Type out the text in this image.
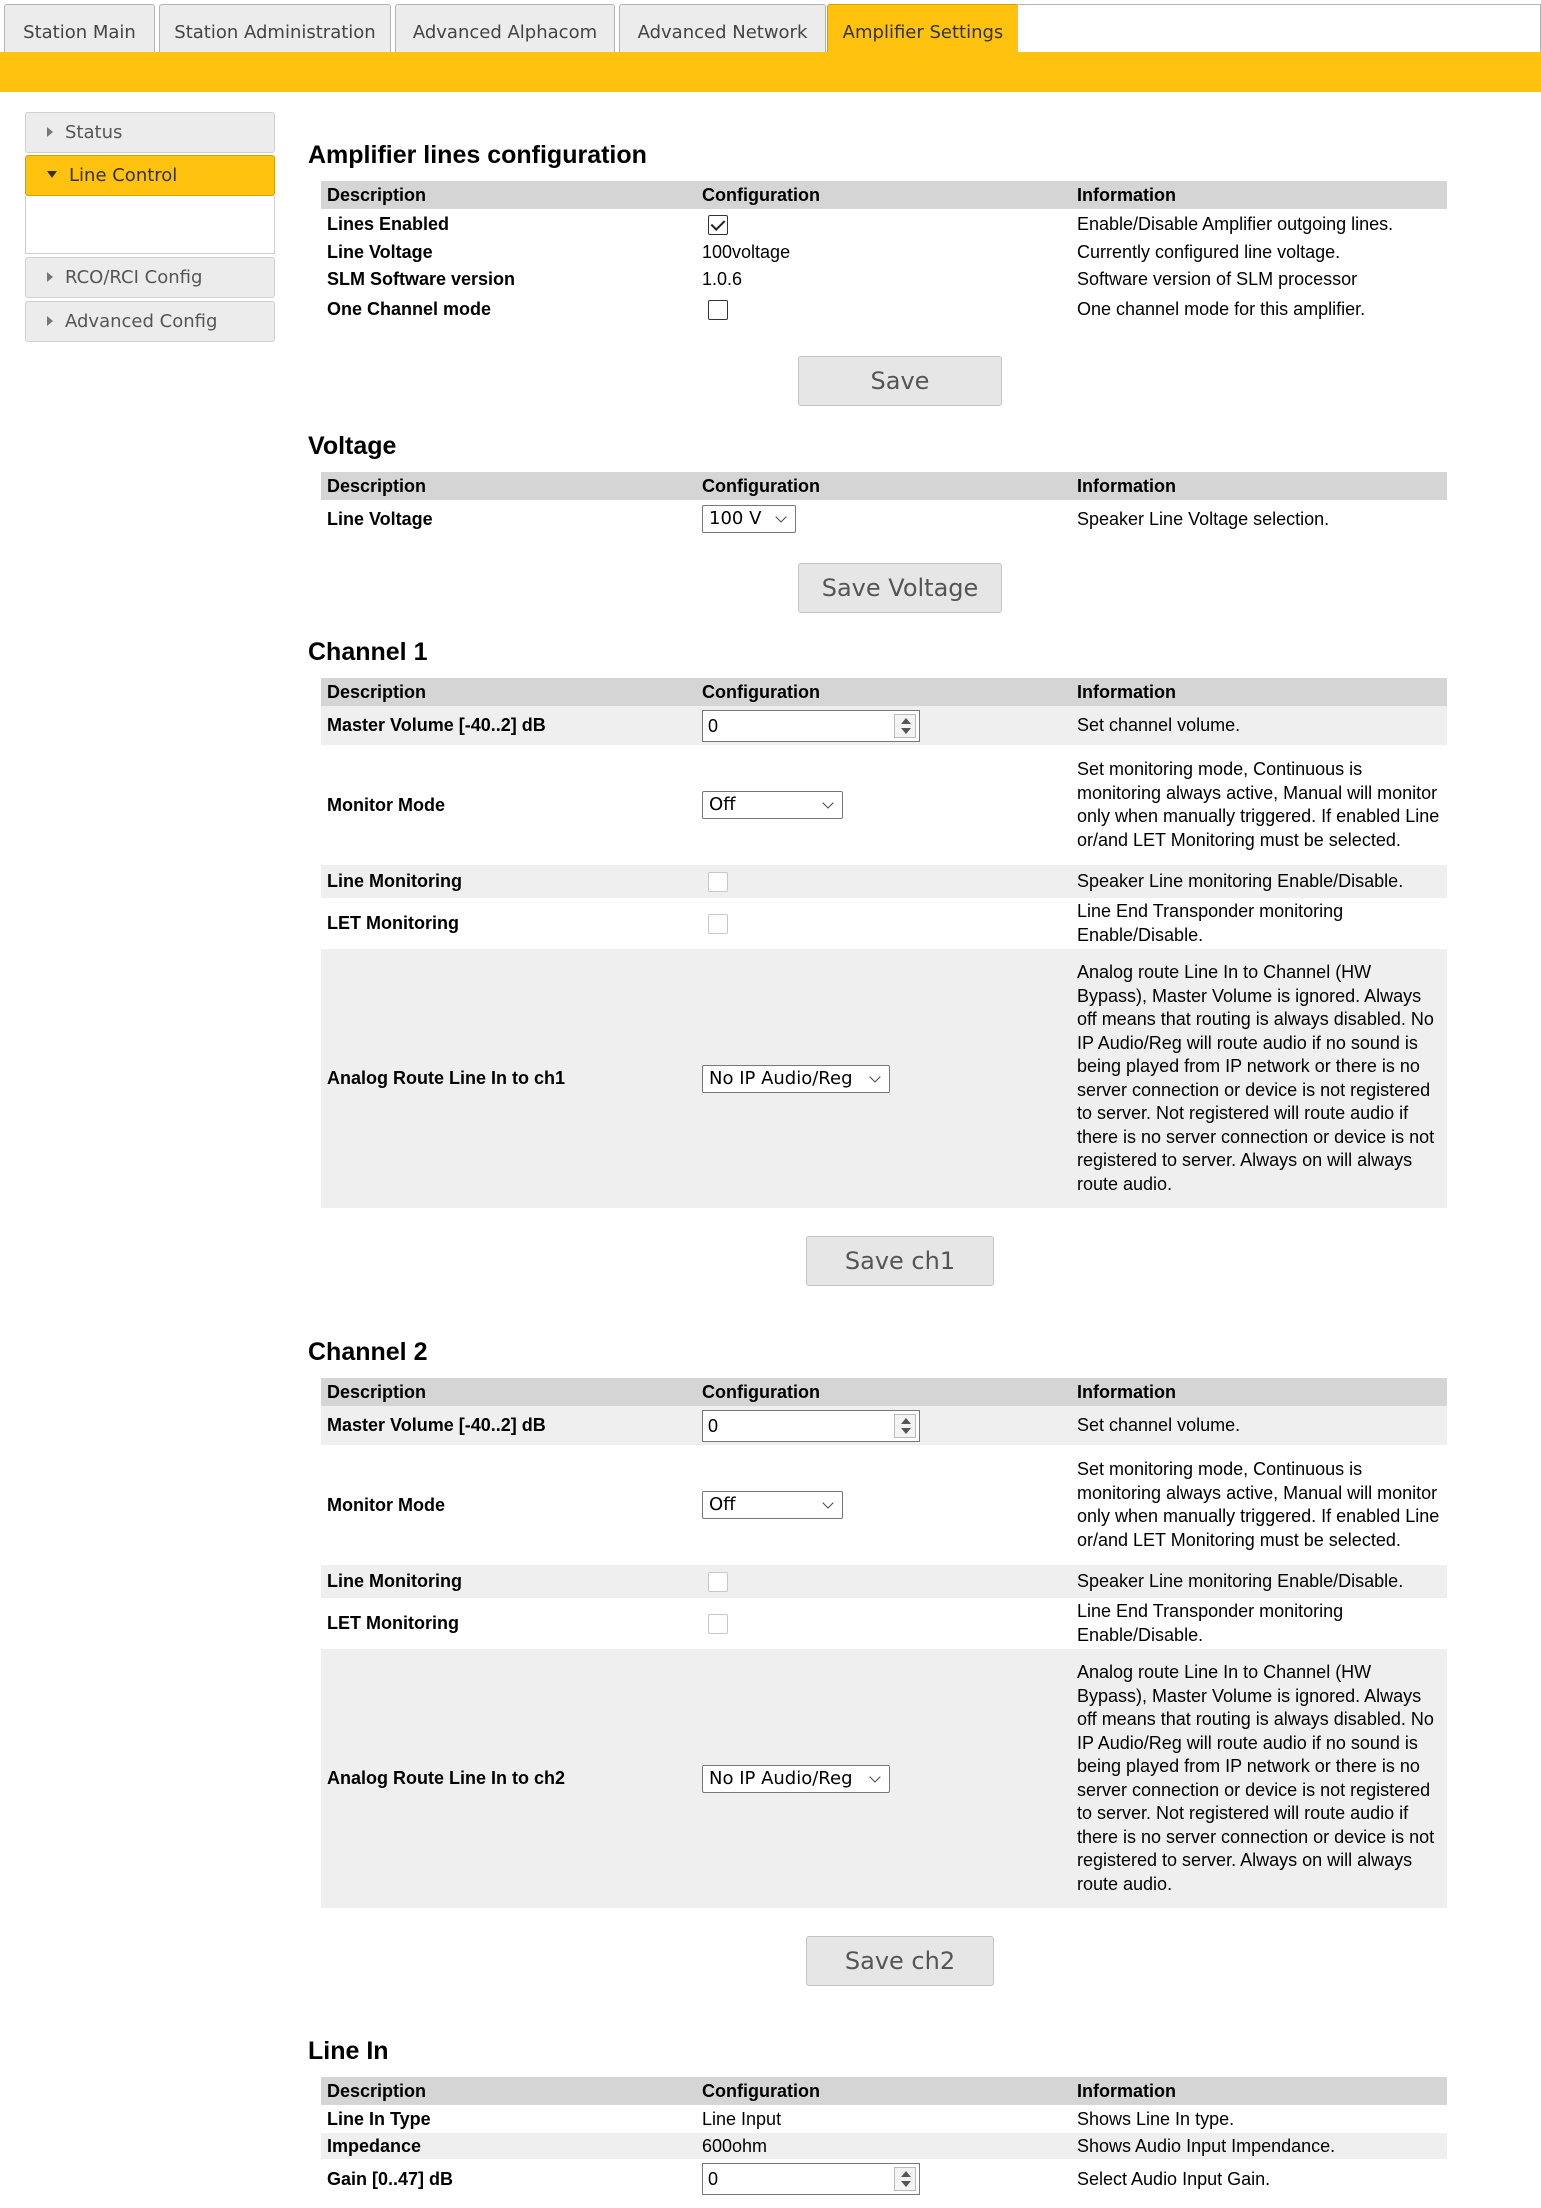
Station Main	Station Administration	Advanced Alphacom	Advanced Network	Amplifier Settings
Status
Line Control
RCO/RCI Config
Advanced Config
Amplifier lines configuration
Description	Configuration	Information
Lines Enabled		Enable/Disable Amplifier outgoing lines.
Line Voltage	100voltage	Currently configured line voltage.
SLM Software version	1.0.6	Software version of SLM processor
One Channel mode		One channel mode for this amplifier.
Save
Voltage
Description	Configuration	Information
Line Voltage	100 V	Speaker Line Voltage selection.
Save Voltage
Channel 1
Description	Configuration	Information
Master Volume [-40..2] dB	0	Set channel volume.
Monitor Mode	Off	Set monitoring mode, Continuous is monitoring always active, Manual will monitor only when manually triggered. If enabled Line or/and LET Monitoring must be selected.
Line Monitoring		Speaker Line monitoring Enable/Disable.
LET Monitoring		Line End Transponder monitoring Enable/Disable.
Analog Route Line In to ch1	No IP Audio/Reg	Analog route Line In to Channel (HW Bypass), Master Volume is ignored. Always off means that routing is always disabled. No IP Audio/Reg will route audio if no sound is being played from IP network or there is no server connection or device is not registered to server. Not registered will route audio if there is no server connection or device is not registered to server. Always on will always route audio.
Save ch1
Channel 2
Description	Configuration	Information
Master Volume [-40..2] dB	0	Set channel volume.
Monitor Mode	Off	Set monitoring mode, Continuous is monitoring always active, Manual will monitor only when manually triggered. If enabled Line or/and LET Monitoring must be selected.
Line Monitoring		Speaker Line monitoring Enable/Disable.
LET Monitoring		Line End Transponder monitoring Enable/Disable.
Analog Route Line In to ch2	No IP Audio/Reg	Analog route Line In to Channel (HW Bypass), Master Volume is ignored. Always off means that routing is always disabled. No IP Audio/Reg will route audio if no sound is being played from IP network or there is no server connection or device is not registered to server. Not registered will route audio if there is no server connection or device is not registered to server. Always on will always route audio.
Save ch2
Line In
Description	Configuration	Information
Line In Type	Line Input	Shows Line In type.
Impedance	600ohm	Shows Audio Input Impendance.
Gain [0..47] dB	0	Select Audio Input Gain.
